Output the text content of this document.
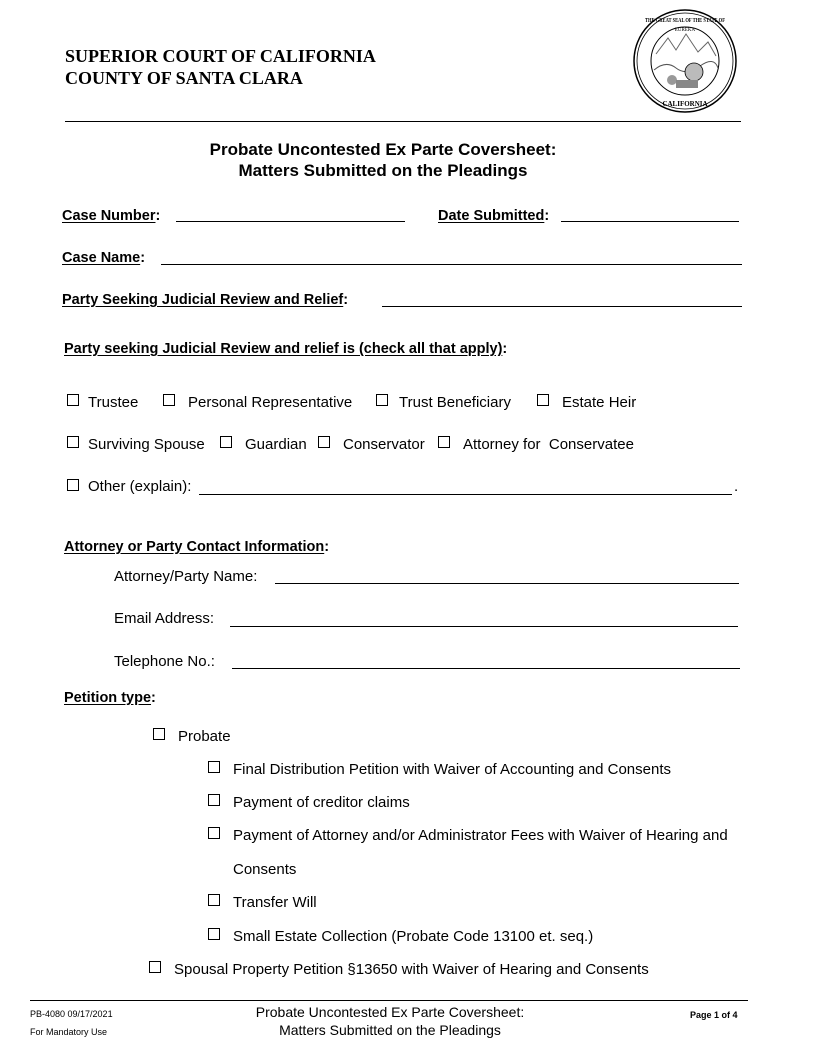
SUPERIOR COURT OF CALIFORNIA
COUNTY OF SANTA CLARA
EUREKA
THE GREAT SEAL OF THE STATE OF
CALIFORNIA
Probate Uncontested Ex Parte Coversheet:
Matters Submitted on the Pleadings
Case Number:	Date Submitted:
Case Name:
Party Seeking Judicial Review and Relief:
Party seeking Judicial Review and relief is (check all that apply):
Trustee	Personal Representative	Trust Beneficiary	Estate Heir
Surviving Spouse	Guardian Conservator	Attorney for  Conservatee
Other (explain):	.
Attorney or Party Contact Information:
Attorney/Party Name:
Email Address:
Telephone No.:
Petition type:
Probate
Final Distribution Petition with Waiver of Accounting and Consents
Payment of creditor claims
Payment of Attorney and/or Administrator Fees with Waiver of Hearing and
Consents
Transfer Will
Small Estate Collection (Probate Code 13100 et. seq.)
Spousal Property Petition §13650 with Waiver of Hearing and Consents
PB-4080 09/17/2021
For Mandatory Use
Probate Uncontested Ex Parte Coversheet:
Matters Submitted on the Pleadings
Page 1 of 4
